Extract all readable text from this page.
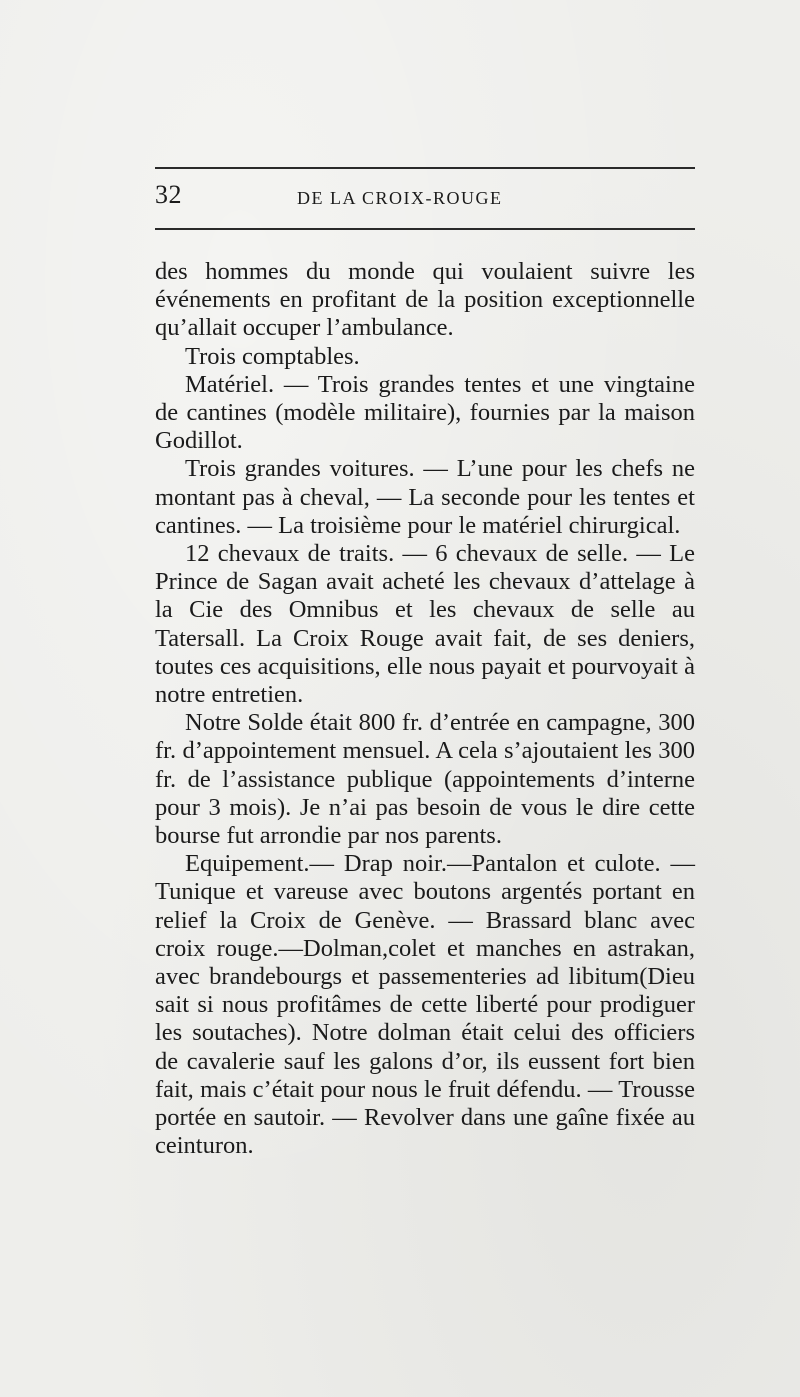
32	DE LA CROIX-ROUGE

des hommes du monde qui voulaient suivre les événements en profitant de la position exceptionnelle qu’allait occuper l’ambulance.

Trois comptables.

Matériel. — Trois grandes tentes et une vingtaine de cantines (modèle militaire), fournies par la maison Godillot.

Trois grandes voitures. — L’une pour les chefs ne montant pas à cheval, — La seconde pour les tentes et cantines. — La troisième pour le matériel chirurgical.

12 chevaux de traits. — 6 chevaux de selle. — Le Prince de Sagan avait acheté les chevaux d’attelage à la Cie des Omnibus et les chevaux de selle au Tatersall. La Croix Rouge avait fait, de ses deniers, toutes ces acquisitions, elle nous payait et pourvoyait à notre entretien.

Notre Solde était 800 fr. d’entrée en campagne, 300 fr. d’appointement mensuel. A cela s’ajoutaient les 300 fr. de l’assistance publique (appointements d’interne pour 3 mois). Je n’ai pas besoin de vous le dire cette bourse fut arrondie par nos parents.

Equipement.— Drap noir.—Pantalon et culote. — Tunique et vareuse avec boutons argentés portant en relief la Croix de Genève. — Brassard blanc avec croix rouge.—Dolman,colet et manches en astrakan, avec brandebourgs et passementeries ad libitum(Dieu sait si nous profitâmes de cette liberté pour prodiguer les soutaches). Notre dolman était celui des officiers de cavalerie sauf les galons d’or, ils eussent fort bien fait, mais c’était pour nous le fruit défendu. — Trousse portée en sautoir. — Revolver dans une gaîne fixée au ceinturon.
